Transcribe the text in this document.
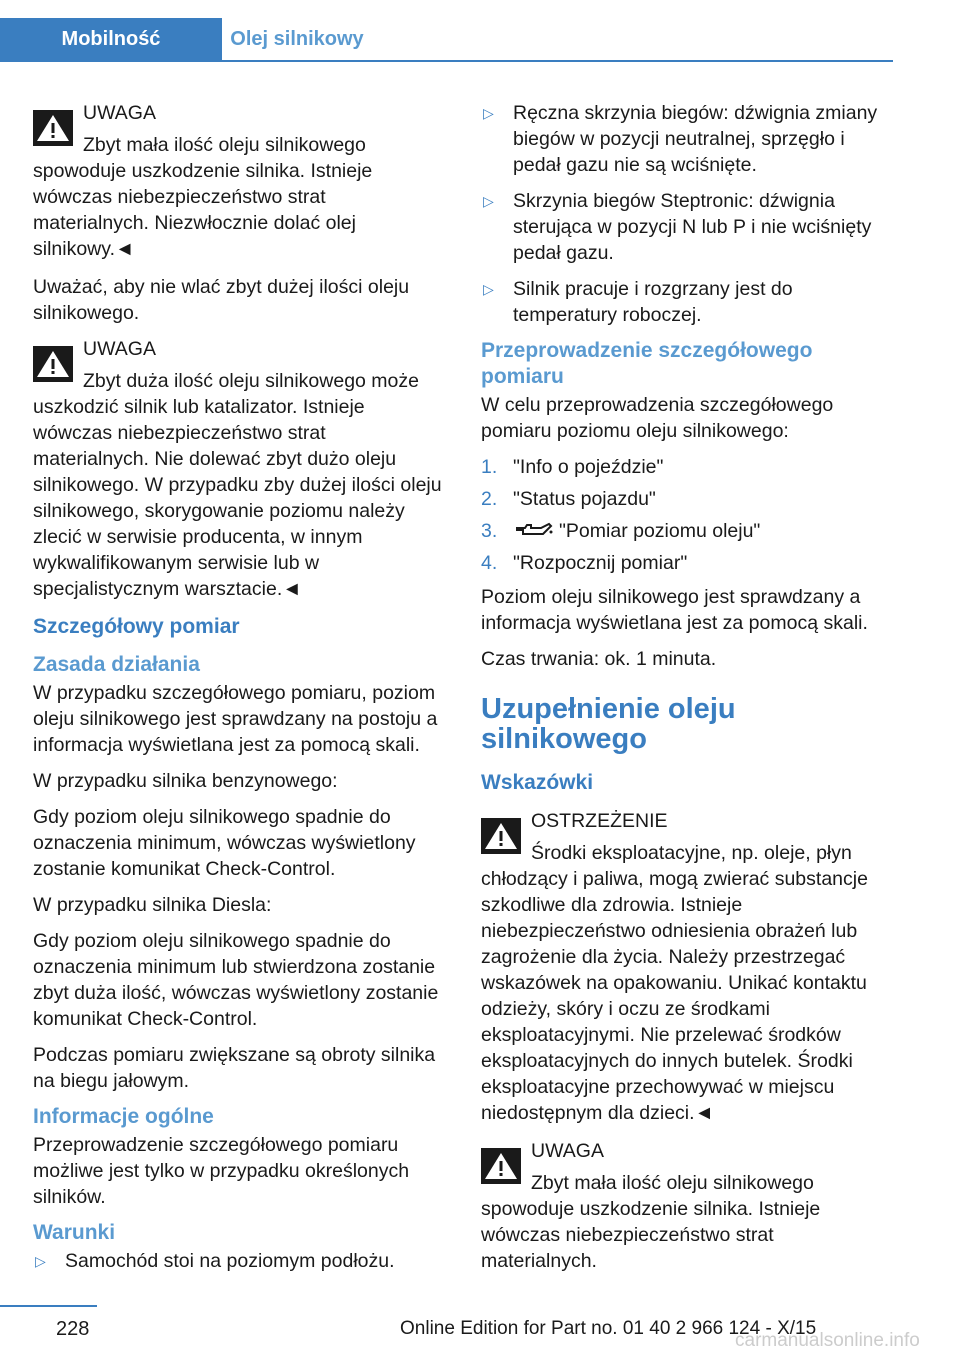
Mobilność	Olej silnikowy
UWAGA
Zbyt mała ilość oleju silnikowego spowoduje uszkodzenie silnika. Istnieje wówczas niebezpieczeństwo strat materialnych. Niezwłocznie dolać olej silnikowy.◄

Uważać, aby nie wlać zbyt dużej ilości oleju silnikowego.

UWAGA
Zbyt duża ilość oleju silnikowego może uszkodzić silnik lub katalizator. Istnieje wówczas niebezpieczeństwo strat materialnych. Nie dolewać zbyt dużo oleju silnikowego. W przypadku zby dużej ilości oleju silnikowego, skorygowanie poziomu należy zlecić w serwisie producenta, w innym wykwalifikowanym serwisie lub w specjalistycznym warsztacie.◄
Szczegółowy pomiar
Zasada działania

W przypadku szczegółowego pomiaru, poziom oleju silnikowego jest sprawdzany na postoju a informacja wyświetlana jest za pomocą skali.

W przypadku silnika benzynowego:

Gdy poziom oleju silnikowego spadnie do oznaczenia minimum, wówczas wyświetlony zostanie komunikat Check-Control.

W przypadku silnika Diesla:

Gdy poziom oleju silnikowego spadnie do oznaczenia minimum lub stwierdzona zostanie zbyt duża ilość, wówczas wyświetlony zostanie komunikat Check-Control.

Podczas pomiaru zwiększane są obroty silnika na biegu jałowym.

Informacje ogólne

Przeprowadzenie szczegółowego pomiaru możliwe jest tylko w przypadku określonych silników.

Warunki
▷ Samochód stoi na poziomym podłożu.
▷ Ręczna skrzynia biegów: dźwignia zmiany biegów w pozycji neutralnej, sprzęgło i pedał gazu nie są wciśnięte.
▷ Skrzynia biegów Steptronic: dźwignia sterująca w pozycji N lub P i nie wciśnięty pedał gazu.
▷ Silnik pracuje i rozgrzany jest do temperatury roboczej.
Przeprowadzenie szczegółowego pomiaru

W celu przeprowadzenia szczegółowego pomiaru poziomu oleju silnikowego:

1. "Info o pojeździe"
2. "Status pojazdu"
3.	"Pomiar poziomu oleju"
4. "Rozpocznij pomiar"

Poziom oleju silnikowego jest sprawdzany a informacja wyświetlana jest za pomocą skali.

Czas trwania: ok. 1 minuta.

Uzupełnienie oleju silnikowego
Wskazówki
OSTRZEŻENIE
Środki eksploatacyjne, np. oleje, płyn chłodzący i paliwa, mogą zwierać substancje szkodliwe dla zdrowia. Istnieje niebezpieczeństwo odniesienia obrażeń lub zagrożenie dla życia. Należy przestrzegać wskazówek na opakowaniu. Unikać kontaktu odzieży, skóry i oczu ze środkami eksploatacyjnymi. Nie przelewać środków eksploatacyjnych do innych butelek. Środki eksploatacyjne przechowywać w miejscu niedostępnym dla dzieci.◄
UWAGA
Zbyt mała ilość oleju silnikowego spowoduje uszkodzenie silnika. Istnieje wówczas niebezpieczeństwo strat materialnych.
228	Online Edition for Part no. 01 40 2 966 124 - X/15
carmanualsonline.info
